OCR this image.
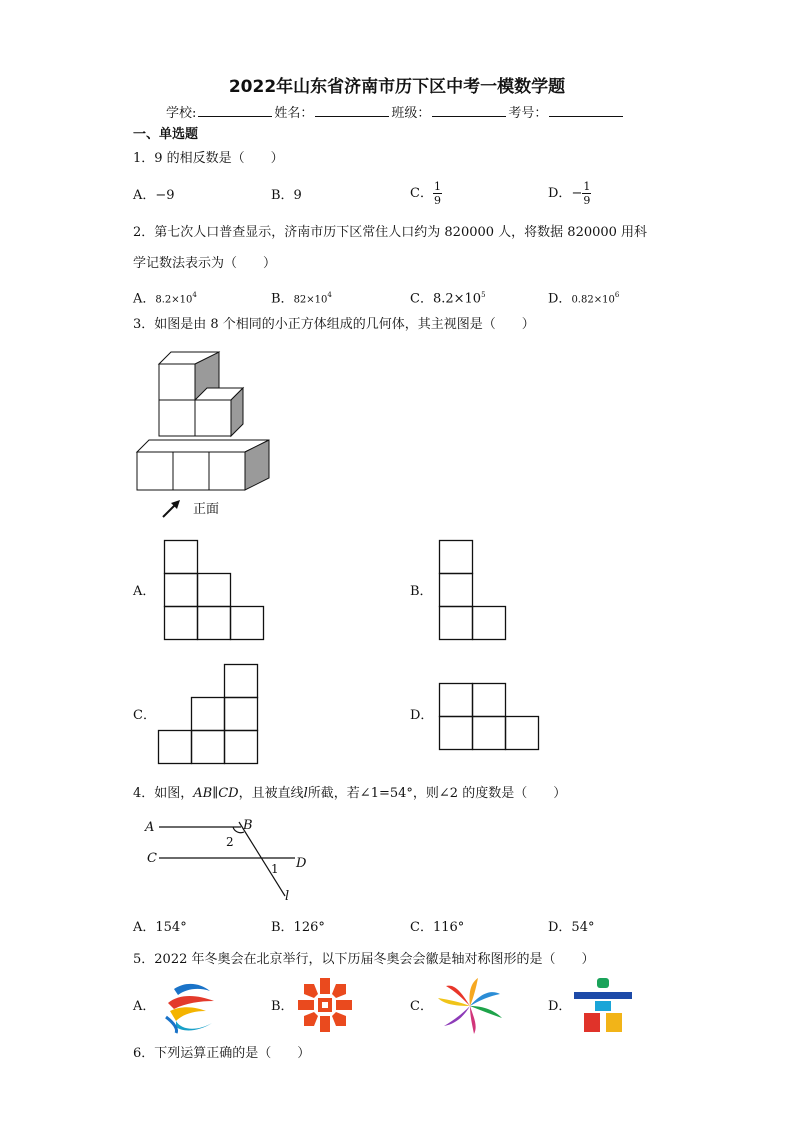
2022年山东省济南市历下区中考一模数学题
学校:	姓名：	班级：	考号：
一、单选题
1．9 的相反数是（　　）
A．−9	B．9	C． $\frac{1}{9}$	D．− $\frac{1}{9}$
2．第七次人口普查显示，济南市历下区常住人口约为 820000 人，将数据 820000 用科
学记数法表示为（　　）
A．$8.2\times 10^4$	B．$82\times 10^4$	C．$8.2\times 10^5$	D．$0.82\times 10^6$
3．如图是由 8 个相同的小正方体组成的几何体，其主视图是（　　）
正面
A．	B．
C．	D．
4．如图，AB∥CD，且被直线l所截，若∠1=54°，则∠2 的度数是（　　）
A	B
C	D
l
2
1
A．154°	B．126°	C．116°	D．54°
5．2022 年冬奥会在北京举行，以下历届冬奥会会徽是轴对称图形的是（　　）
A．	B．	C．	D．
6．下列运算正确的是（　　）
